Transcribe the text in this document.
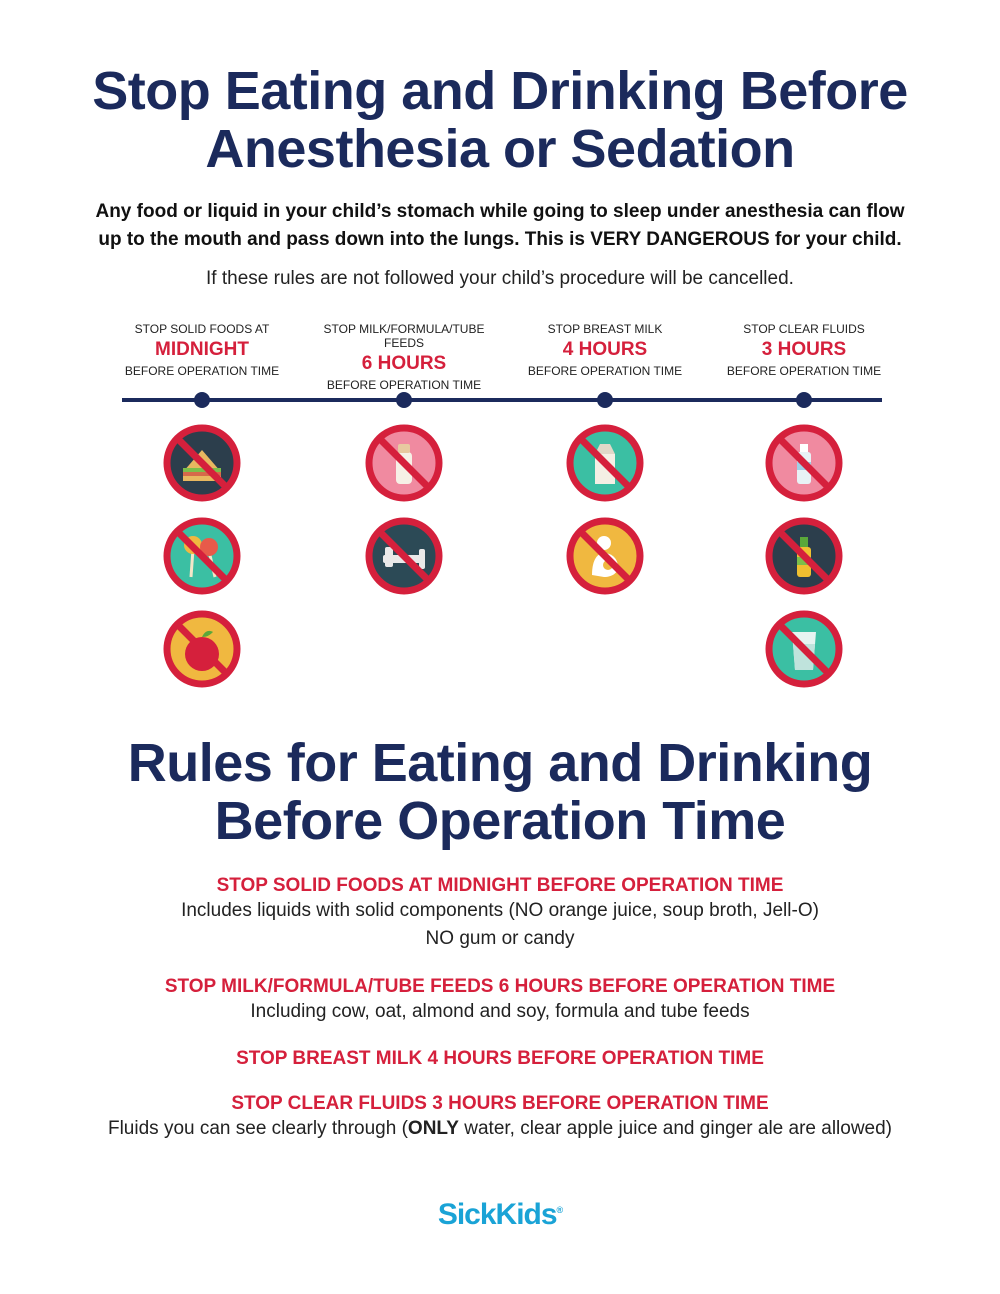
Stop Eating and Drinking Before
Anesthesia or Sedation
Any food or liquid in your child’s stomach while going to sleep under anesthesia can flow
up to the mouth and pass down into the lungs. This is VERY DANGEROUS for your child.
If these rules are not followed your child’s procedure will be cancelled.
STOP SOLID FOODS AT
MIDNIGHT
BEFORE OPERATION TIME
STOP MILK/FORMULA/TUBE FEEDS
6 HOURS
BEFORE OPERATION TIME
STOP BREAST MILK
4 HOURS
BEFORE OPERATION TIME
STOP CLEAR FLUIDS
3 HOURS
BEFORE OPERATION TIME
Rules for Eating and Drinking
Before Operation Time
STOP SOLID FOODS AT MIDNIGHT BEFORE OPERATION TIME
Includes liquids with solid components (NO orange juice, soup broth, Jell-O)
NO gum or candy
STOP MILK/FORMULA/TUBE FEEDS 6 HOURS BEFORE OPERATION TIME
Including cow, oat, almond and soy, formula and tube feeds
STOP BREAST MILK 4 HOURS BEFORE OPERATION TIME
STOP CLEAR FLUIDS 3 HOURS BEFORE OPERATION TIME
Fluids you can see clearly through (ONLY water, clear apple juice and ginger ale are allowed)
SickKids®
